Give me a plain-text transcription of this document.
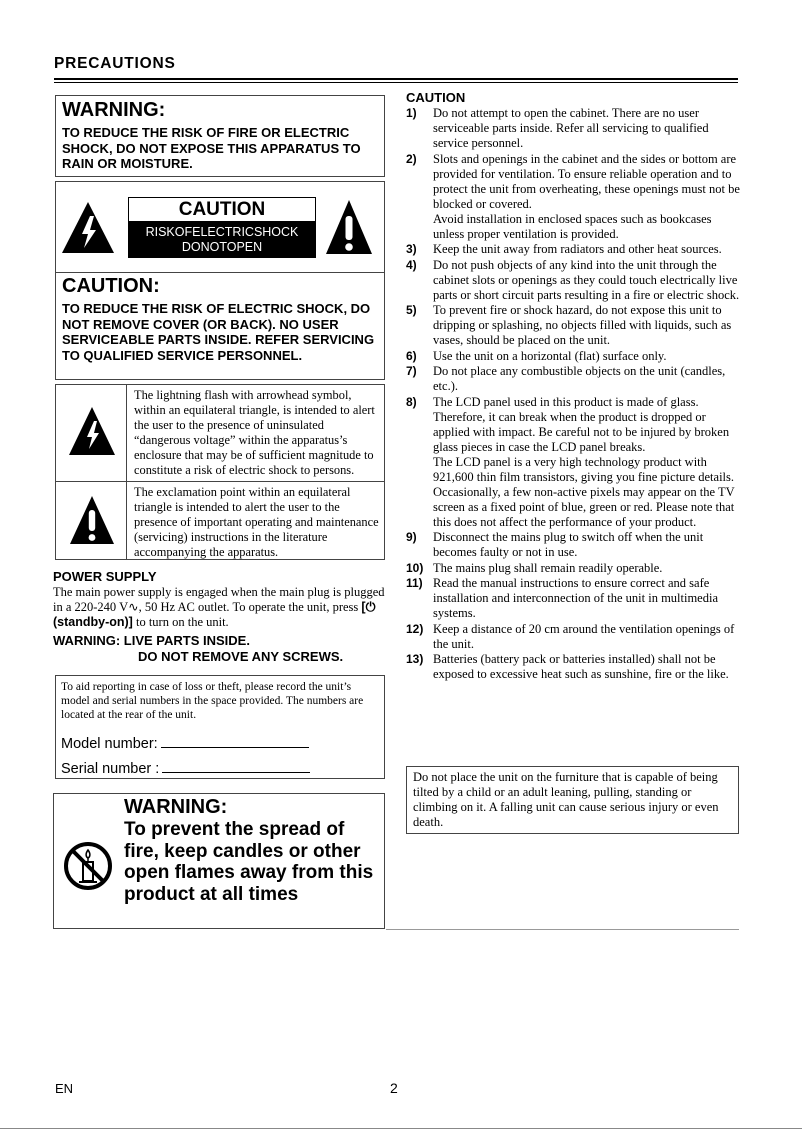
PRECAUTIONS
WARNING:
TO REDUCE THE RISK OF FIRE OR ELECTRIC SHOCK, DO NOT EXPOSE THIS APPARATUS TO RAIN OR MOISTURE.
CAUTION
RISKOFELECTRICSHOCK
DONOTOPEN
CAUTION:
TO REDUCE THE RISK OF ELECTRIC SHOCK, DO NOT REMOVE COVER (OR BACK). NO USER SERVICEABLE PARTS INSIDE. REFER SERVICING TO QUALIFIED SERVICE PERSONNEL.
The lightning flash with arrowhead symbol, within an equilateral triangle, is intended to alert the user to the presence of uninsulated “dangerous voltage” within the apparatus’s enclosure that may be of sufficient magnitude to constitute a risk of electric shock to persons.
The exclamation point within an equilateral triangle is intended to alert the user to the presence of important operating and maintenance (servicing) instructions in the literature accompanying the apparatus.
POWER SUPPLY
The main power supply is engaged when the main plug is plugged in a 220-240 V∿, 50 Hz AC outlet. To operate the unit, press [⏻ (standby-on)] to turn on the unit.
WARNING: LIVE PARTS INSIDE.
DO NOT REMOVE ANY SCREWS.
To aid reporting in case of loss or theft, please record the unit’s model and serial numbers in the space provided. The numbers are located at the rear of the unit.
Model number:
Serial number :
WARNING:
To prevent the spread of fire, keep candles or other open flames away from this product at all times
CAUTION
1) Do not attempt to open the cabinet. There are no user serviceable parts inside. Refer all servicing to qualified service personnel.
2) Slots and openings in the cabinet and the sides or bottom are provided for ventilation. To ensure reliable operation and to protect the unit from overheating, these openings must not be blocked or covered.
Avoid installation in enclosed spaces such as bookcases unless proper ventilation is provided.
3) Keep the unit away from radiators and other heat sources.
4) Do not push objects of any kind into the unit through the cabinet slots or openings as they could touch electrically live parts or short circuit parts resulting in a fire or electric shock.
5) To prevent fire or shock hazard, do not expose this unit to dripping or splashing, no objects filled with liquids, such as vases, should be placed on the unit.
6) Use the unit on a horizontal (flat) surface only.
7) Do not place any combustible objects on the unit (candles, etc.).
8) The LCD panel used in this product is made of glass. Therefore, it can break when the product is dropped or applied with impact. Be careful not to be injured by broken glass pieces in case the LCD panel breaks.
The LCD panel is a very high technology product with 921,600 thin film transistors, giving you fine picture details. Occasionally, a few non-active pixels may appear on the TV screen as a fixed point of blue, green or red. Please note that this does not affect the performance of your product.
9) Disconnect the mains plug to switch off when the unit becomes faulty or not in use.
10) The mains plug shall remain readily operable.
11) Read the manual instructions to ensure correct and safe installation and interconnection of the unit in multimedia systems.
12) Keep a distance of 20 cm around the ventilation openings of the unit.
13) Batteries (battery pack or batteries installed) shall not be exposed to excessive heat such as sunshine, fire or the like.
Do not place the unit on the furniture that is capable of being tilted by a child or an adult leaning, pulling, standing or climbing on it. A falling unit can cause serious injury or even death.
EN	2
